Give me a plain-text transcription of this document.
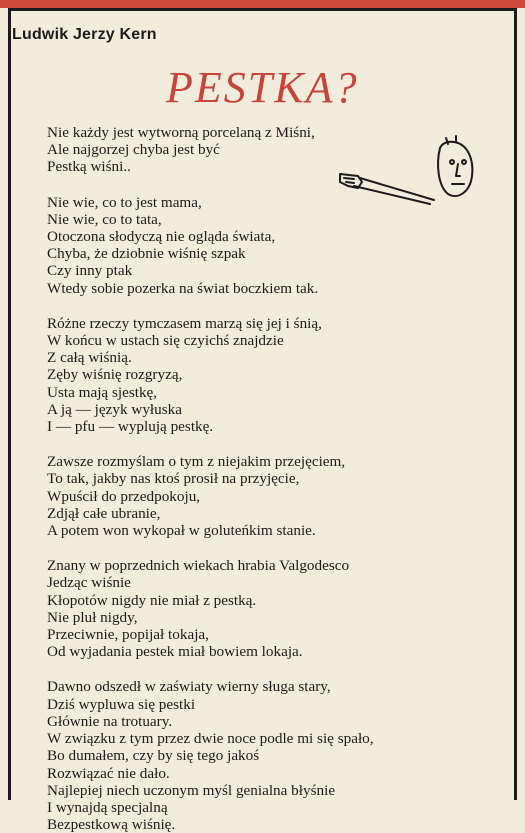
Ludwik Jerzy Kern
PESTKA?
Nie każdy jest wytworną porcelaną z Miśni,
Ale najgorzej chyba jest być
Pestką wiśni..
Nie wie, co to jest mama,
Nie wie, co to tata,
Otoczona słodyczą nie ogląda świata,
Chyba, że dziobnie wiśnię szpak
Czy inny ptak
Wtedy sobie pozerka na świat boczkiem tak.
Różne rzeczy tymczasem marzą się jej i śnią,
W końcu w ustach się czyichś znajdzie
Z całą wiśnią.
Zęby wiśnię rozgryzą,
Usta mają sjestkę,
A ją — język wyłuska
I — pfu — wyplują pestkę.
Zawsze rozmyślam o tym z niejakim przejęciem,
To tak, jakby nas ktoś prosił na przyjęcie,
Wpuścił do przedpokoju,
Zdjął całe ubranie,
A potem won wykopał w golutеńkim stanie.
Znany w poprzednich wiekach hrabia Valgodesco
Jedząc wiśnie
Kłopotów nigdy nie miał z pestką.
Nie pluł nigdy,
Przeciwnie, popijał tokaja,
Od wyjadania pestek miał bowiem lokaja.
Dawno odszedł w zaświaty wierny sługa stary,
Dziś wypluwa się pestki
Głównie na trotuary.
W związku z tym przez dwie noce podle mi się spało,
Bo dumałem, czy by się tego jakoś
Rozwiązać nie dało.
Najlepiej niech uczonym myśl genialna błyśnie
I wynajdą specjalną
Bezpestkową wiśnię.
